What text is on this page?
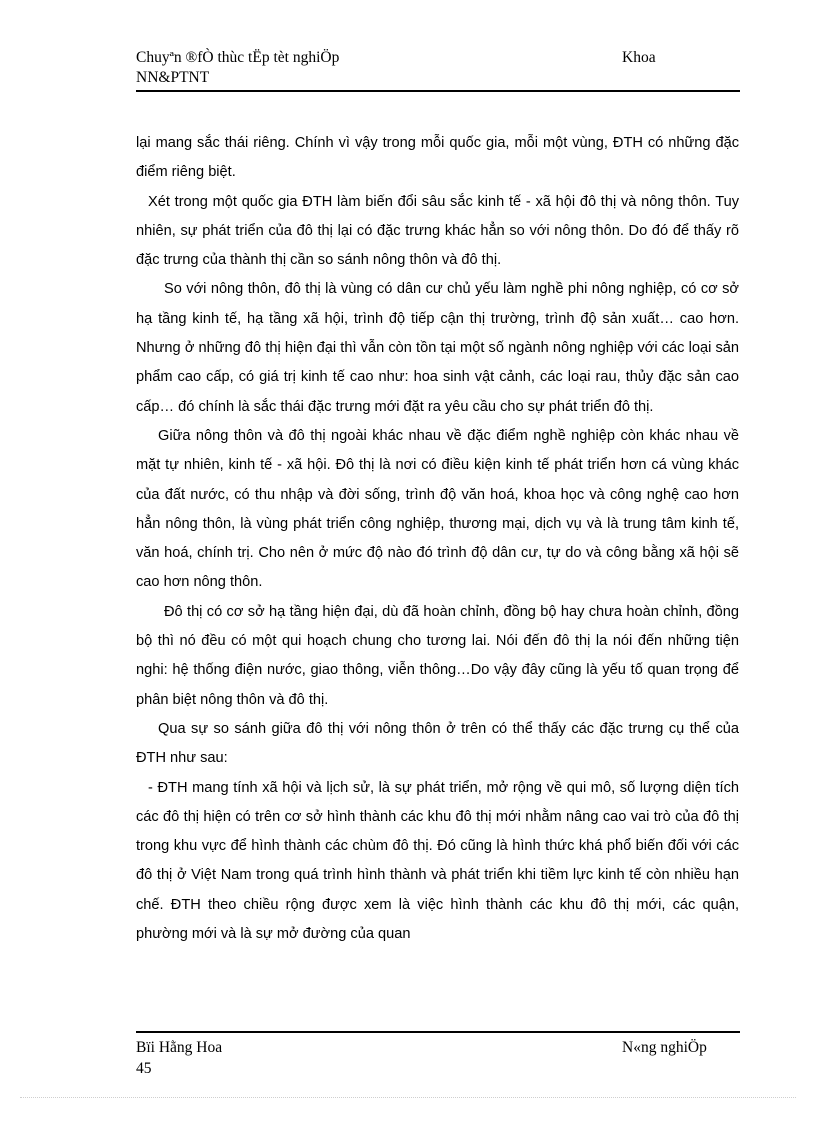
Chuyªn ®fÒ thùc tËp tèt nghiÖp
NN&PTNT
Khoa

lại mang sắc thái riêng. Chính vì vậy trong mỗi quốc gia, mỗi một vùng, ĐTH có những đặc điểm riêng biệt.

Xét trong một quốc gia ĐTH làm biến đổi sâu sắc kinh tế - xã hội đô thị và nông thôn. Tuy nhiên, sự phát triển của đô thị lại có đặc trưng khác hẳn so với nông thôn. Do đó để thấy rõ đặc trưng của thành thị cần so sánh nông thôn và đô thị.

So với nông thôn, đô thị là vùng có dân cư chủ yếu làm nghề phi nông nghiệp, có cơ sở hạ tầng kinh tế, hạ tầng xã hội, trình độ tiếp cận thị trường, trình độ sản xuất… cao hơn. Nhưng ở những đô thị hiện đại thì vẫn còn tồn tại một số ngành nông nghiệp với các loại sản phẩm cao cấp, có giá trị kinh tế cao như: hoa sinh vật cảnh, các loại rau, thủy đặc sản cao cấp… đó chính là sắc thái đặc trưng mới đặt ra yêu cầu cho sự phát triển đô thị.

Giữa nông thôn và đô thị ngoài khác nhau về đặc điểm nghề nghiệp còn khác nhau về mặt tự nhiên, kinh tế - xã hội. Đô thị là nơi có điều kiện kinh tế phát triển hơn cá vùng khác của đất nước, có thu nhập và đời sống, trình độ văn hoá, khoa học và công nghệ cao hơn hẳn nông thôn, là vùng phát triển công nghiệp, thương mại, dịch vụ và là trung tâm kinh tế, văn hoá, chính trị. Cho nên ở mức độ nào đó trình độ dân cư, tự do và công bằng xã hội sẽ cao hơn nông thôn.

Đô thị có cơ sở hạ tầng hiện đại, dù đã hoàn chỉnh, đồng bộ hay chưa hoàn chỉnh, đồng bộ thì nó đều có một qui hoạch chung cho tương lai. Nói đến đô thị la nói đến những tiện nghi: hệ thống điện nước, giao thông, viễn thông…Do vậy đây cũng là yếu tố quan trọng để phân biệt nông thôn và đô thị.

Qua sự so sánh giữa đô thị với nông thôn ở trên có thể thấy các đặc trưng cụ thể của ĐTH như sau:

- ĐTH mang tính xã hội và lịch sử, là sự phát triển, mở rộng về qui mô, số lượng diện tích các đô thị hiện có trên cơ sở hình thành các khu đô thị mới nhằm nâng cao vai trò của đô thị trong khu vực để hình thành các chùm đô thị. Đó cũng là hình thức khá phổ biến đối với các đô thị ở Việt Nam trong quá trình hình thành và phát triển khi tiềm lực kinh tế còn nhiều hạn chế. ĐTH theo chiều rộng được xem là việc hình thành các khu đô thị mới, các quận, phường mới và là sự mở đường của quan

Bïi Hằng Hoa
45
N«ng nghiÖp
